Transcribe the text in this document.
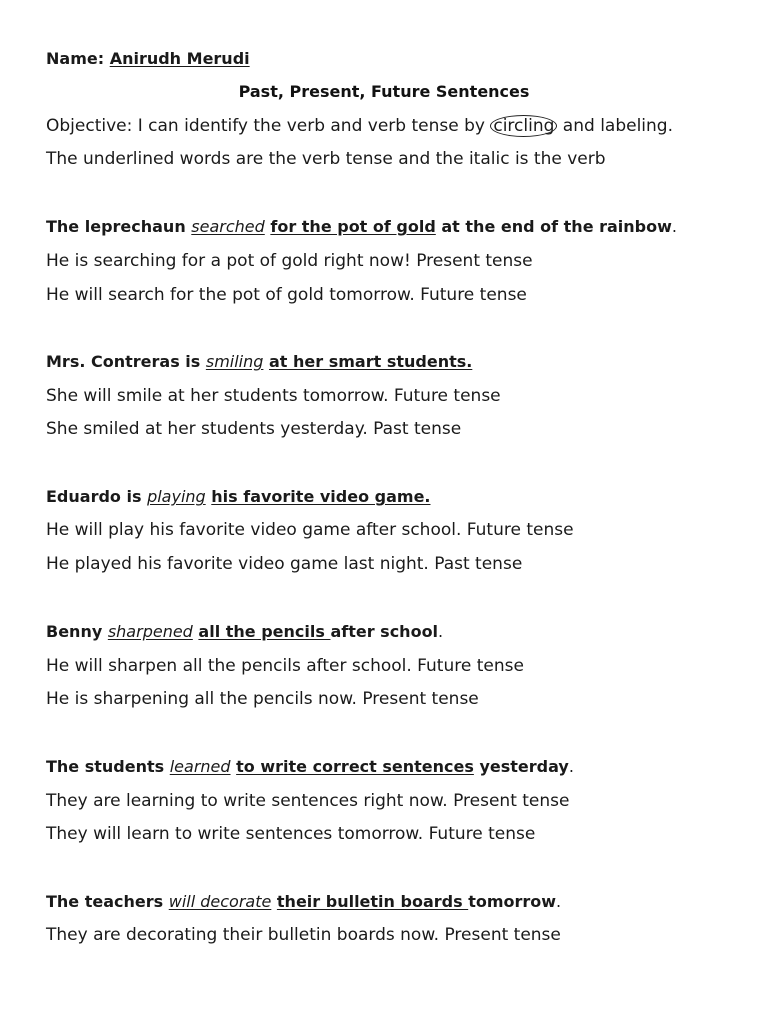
Name: Anirudh Merudi
Past, Present, Future Sentences
Objective: I can identify the verb and verb tense by circling and labeling.
The underlined words are the verb tense and the italic is the verb
The leprechaun searched for the pot of gold at the end of the rainbow.
He is searching for a pot of gold right now! Present tense
He will search for the pot of gold tomorrow. Future tense
Mrs. Contreras is smiling at her smart students.
She will smile at her students tomorrow. Future tense
She smiled at her students yesterday. Past tense
Eduardo is playing his favorite video game.
He will play his favorite video game after school. Future tense
He played his favorite video game last night. Past tense
Benny sharpened all the pencils after school.
He will sharpen all the pencils after school. Future tense
He is sharpening all the pencils now. Present tense
The students learned to write correct sentences yesterday.
They are learning to write sentences right now. Present tense
They will learn to write sentences tomorrow. Future tense
The teachers will decorate their bulletin boards tomorrow.
They are decorating their bulletin boards now. Present tense
